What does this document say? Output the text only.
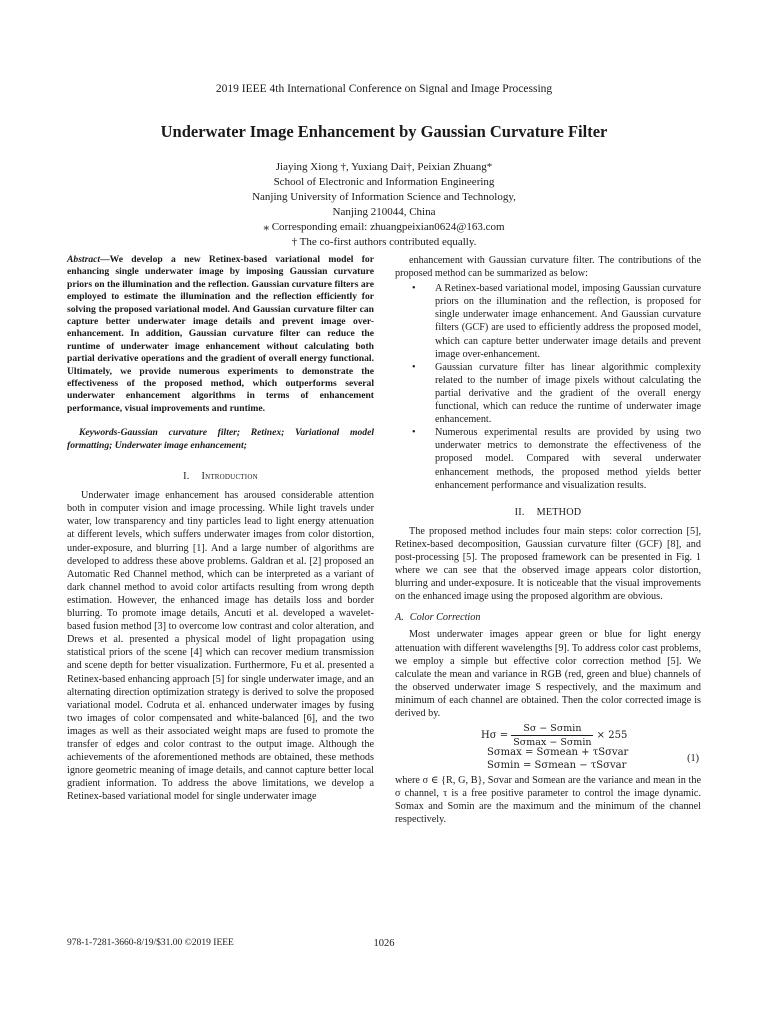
2019 IEEE 4th International Conference on Signal and Image Processing
Underwater Image Enhancement by Gaussian Curvature Filter
Jiaying Xiong †, Yuxiang Dai†, Peixian Zhuang*
School of Electronic and Information Engineering
Nanjing University of Information Science and Technology,
Nanjing 210044, China
⁎ Corresponding email: zhuangpeixian0624@163.com
† The co-first authors contributed equally.

Abstract—We develop a new Retinex-based variational model for enhancing single underwater image by imposing Gaussian curvature priors on the illumination and the reflection. Gaussian curvature filters are employed to estimate the illumination and the reflection efficiently for solving the proposed variational model. And Gaussian curvature filter can capture better underwater image details and prevent image over-enhancement. In addition, Gaussian curvature filter can reduce the runtime of underwater image enhancement without calculating both partial derivative operations and the gradient of overall energy functional. Ultimately, we provide numerous experiments to demonstrate the effectiveness of the proposed method, which outperforms several underwater enhancement algorithms in terms of enhancement performance, visual improvements and runtime.

Keywords-Gaussian curvature filter; Retinex; Variational model formatting; Underwater image enhancement;

I. Introduction

Underwater image enhancement has aroused considerable attention both in computer vision and image processing. While light travels under water, low transparency and tiny particles lead to light energy attenuation at different levels, which suffers underwater images from color distortion, under-exposure, and blurring [1]. And a large number of algorithms are developed to address these above problems. Galdran et al. [2] proposed an Automatic Red Channel method, which can be interpreted as a variant of dark channel method to avoid color artifacts resulting from wrong depth estimation. However, the enhanced image has details loss and border blurring. To promote image details, Ancuti et al. developed a wavelet-based fusion method [3] to overcome low contrast and color alteration, and Drews et al. presented a physical model of light propagation using statistical priors of the scene [4] which can recover medium transmission and scene depth for better visualization. Furthermore, Fu et al. presented a Retinex-based enhancing approach [5] for single underwater image, and an alternating direction optimization strategy is derived to solve the proposed variational model. Codruta et al. enhanced underwater images by fusing two images of color compensated and white-balanced [6], and the two images as well as their associated weight maps are fused to promote the transfer of edges and color contrast to the output image. Although the achievements of the aforementioned methods are obtained, these methods ignore geometric meaning of image details, and cannot capture better local gradient information. To address the above limitations, we develop a Retinex-based variational model for single underwater image

enhancement with Gaussian curvature filter. The contributions of the proposed method can be summarized as below:

• A Retinex-based variational model, imposing Gaussian curvature priors on the illumination and the reflection, is proposed for single underwater image enhancement. And Gaussian curvature filters (GCF) are used to efficiently address the proposed model, which can capture better underwater image details and prevent image over-enhancement.
• Gaussian curvature filter has linear algorithmic complexity related to the number of image pixels without calculating the partial derivative and the gradient of the overall energy functional, which can reduce the runtime of underwater image enhancement.
• Numerous experimental results are provided by using two underwater metrics to demonstrate the effectiveness of the proposed model. Compared with several underwater enhancement methods, the proposed method yields better enhancement performance and visualization results.
II. METHOD

The proposed method includes four main steps: color correction [5], Retinex-based decomposition, Gaussian curvature filter (GCF) [8], and post-processing [5]. The proposed framework can be presented in Fig. 1 where we can see that the observed image appears color distortion, blurring and under-exposure. It is noticeable that the visual improvements on the enhanced image using the proposed algorithm are obvious.

A. Color Correction

Most underwater images appear green or blue for light energy attenuation with different wavelengths [9]. To address color cast problems, we employ a simple but effective color correction method [5]. We calculate the mean and variance in RGB (red, green and blue) channels of the observed underwater image S respectively, and the maximum and minimum of each channel are obtained. Then the color corrected image is derived by.

$H\sigma = \frac{S\sigma - S\sigma\min}{S\sigma\max - S\sigma\min} \times 255$
Sσmax = Sσmean + τSσvar
Sσmin = Sσmean − τSσvar
(1)

where σ ∈ {R, G, B}, Sσvar and Sσmean are the variance and mean in the σ channel, τ is a free positive parameter to control the image dynamic. Sσmax and Sσmin are the maximum and the minimum of the channel respectively.

978-1-7281-3660-8/19/$31.00 ©2019 IEEE	1026
